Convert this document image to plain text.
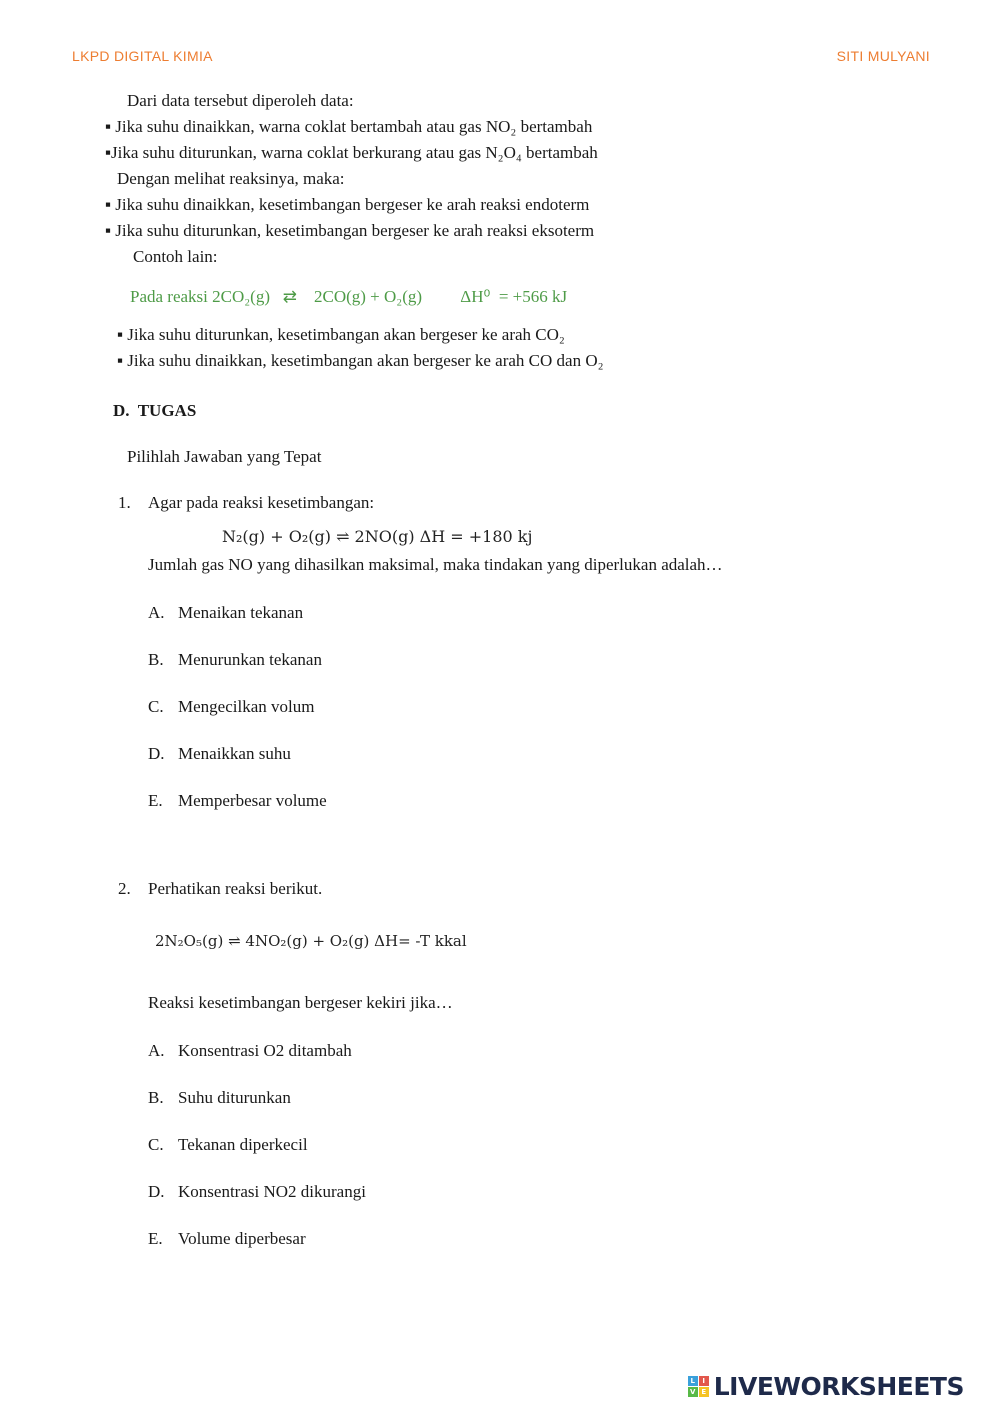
LKPD DIGITAL KIMIA	SITI MULYANI

Dari data tersebut diperoleh data:

▪ Jika suhu dinaikkan, warna coklat bertambah atau gas NO₂ bertambah

▪Jika suhu diturunkan, warna coklat berkurang atau gas N₂O₄ bertambah

Dengan melihat reaksinya, maka:

▪ Jika suhu dinaikkan, kesetimbangan bergeser ke arah reaksi endoterm

▪ Jika suhu diturunkan, kesetimbangan bergeser ke arah reaksi eksoterm

Contoh lain:

Pada reaksi 2CO₂(g)   ⇄    2CO(g) + O₂(g)         ΔH⁰  = +566 kJ

▪ Jika suhu diturunkan, kesetimbangan akan bergeser ke arah CO₂

▪ Jika suhu dinaikkan, kesetimbangan akan bergeser ke arah CO dan O₂

D.  TUGAS

Pilihlah Jawaban yang Tepat

1.	Agar pada reaksi kesetimbangan:

N₂(g) + O₂(g) ⇌ 2NO(g) ΔH = +180 kj

Jumlah gas NO yang dihasilkan maksimal, maka tindakan yang diperlukan adalah…

A. Menaikan tekanan
B. Menurunkan tekanan
C. Mengecilkan volum
D. Menaikkan suhu
E. Memperbesar volume
2.	Perhatikan reaksi berikut.

2N₂O₅(g) ⇌ 4NO₂(g) + O₂(g) ΔH= -T kkal

Reaksi kesetimbangan bergeser kekiri jika…

A. Konsentrasi O2 ditambah
B. Suhu diturunkan
C. Tekanan diperkecil
D. Konsentrasi NO2 dikurangi
E. Volume diperbesar
L	I
V E LIVEWORKSHEETS
